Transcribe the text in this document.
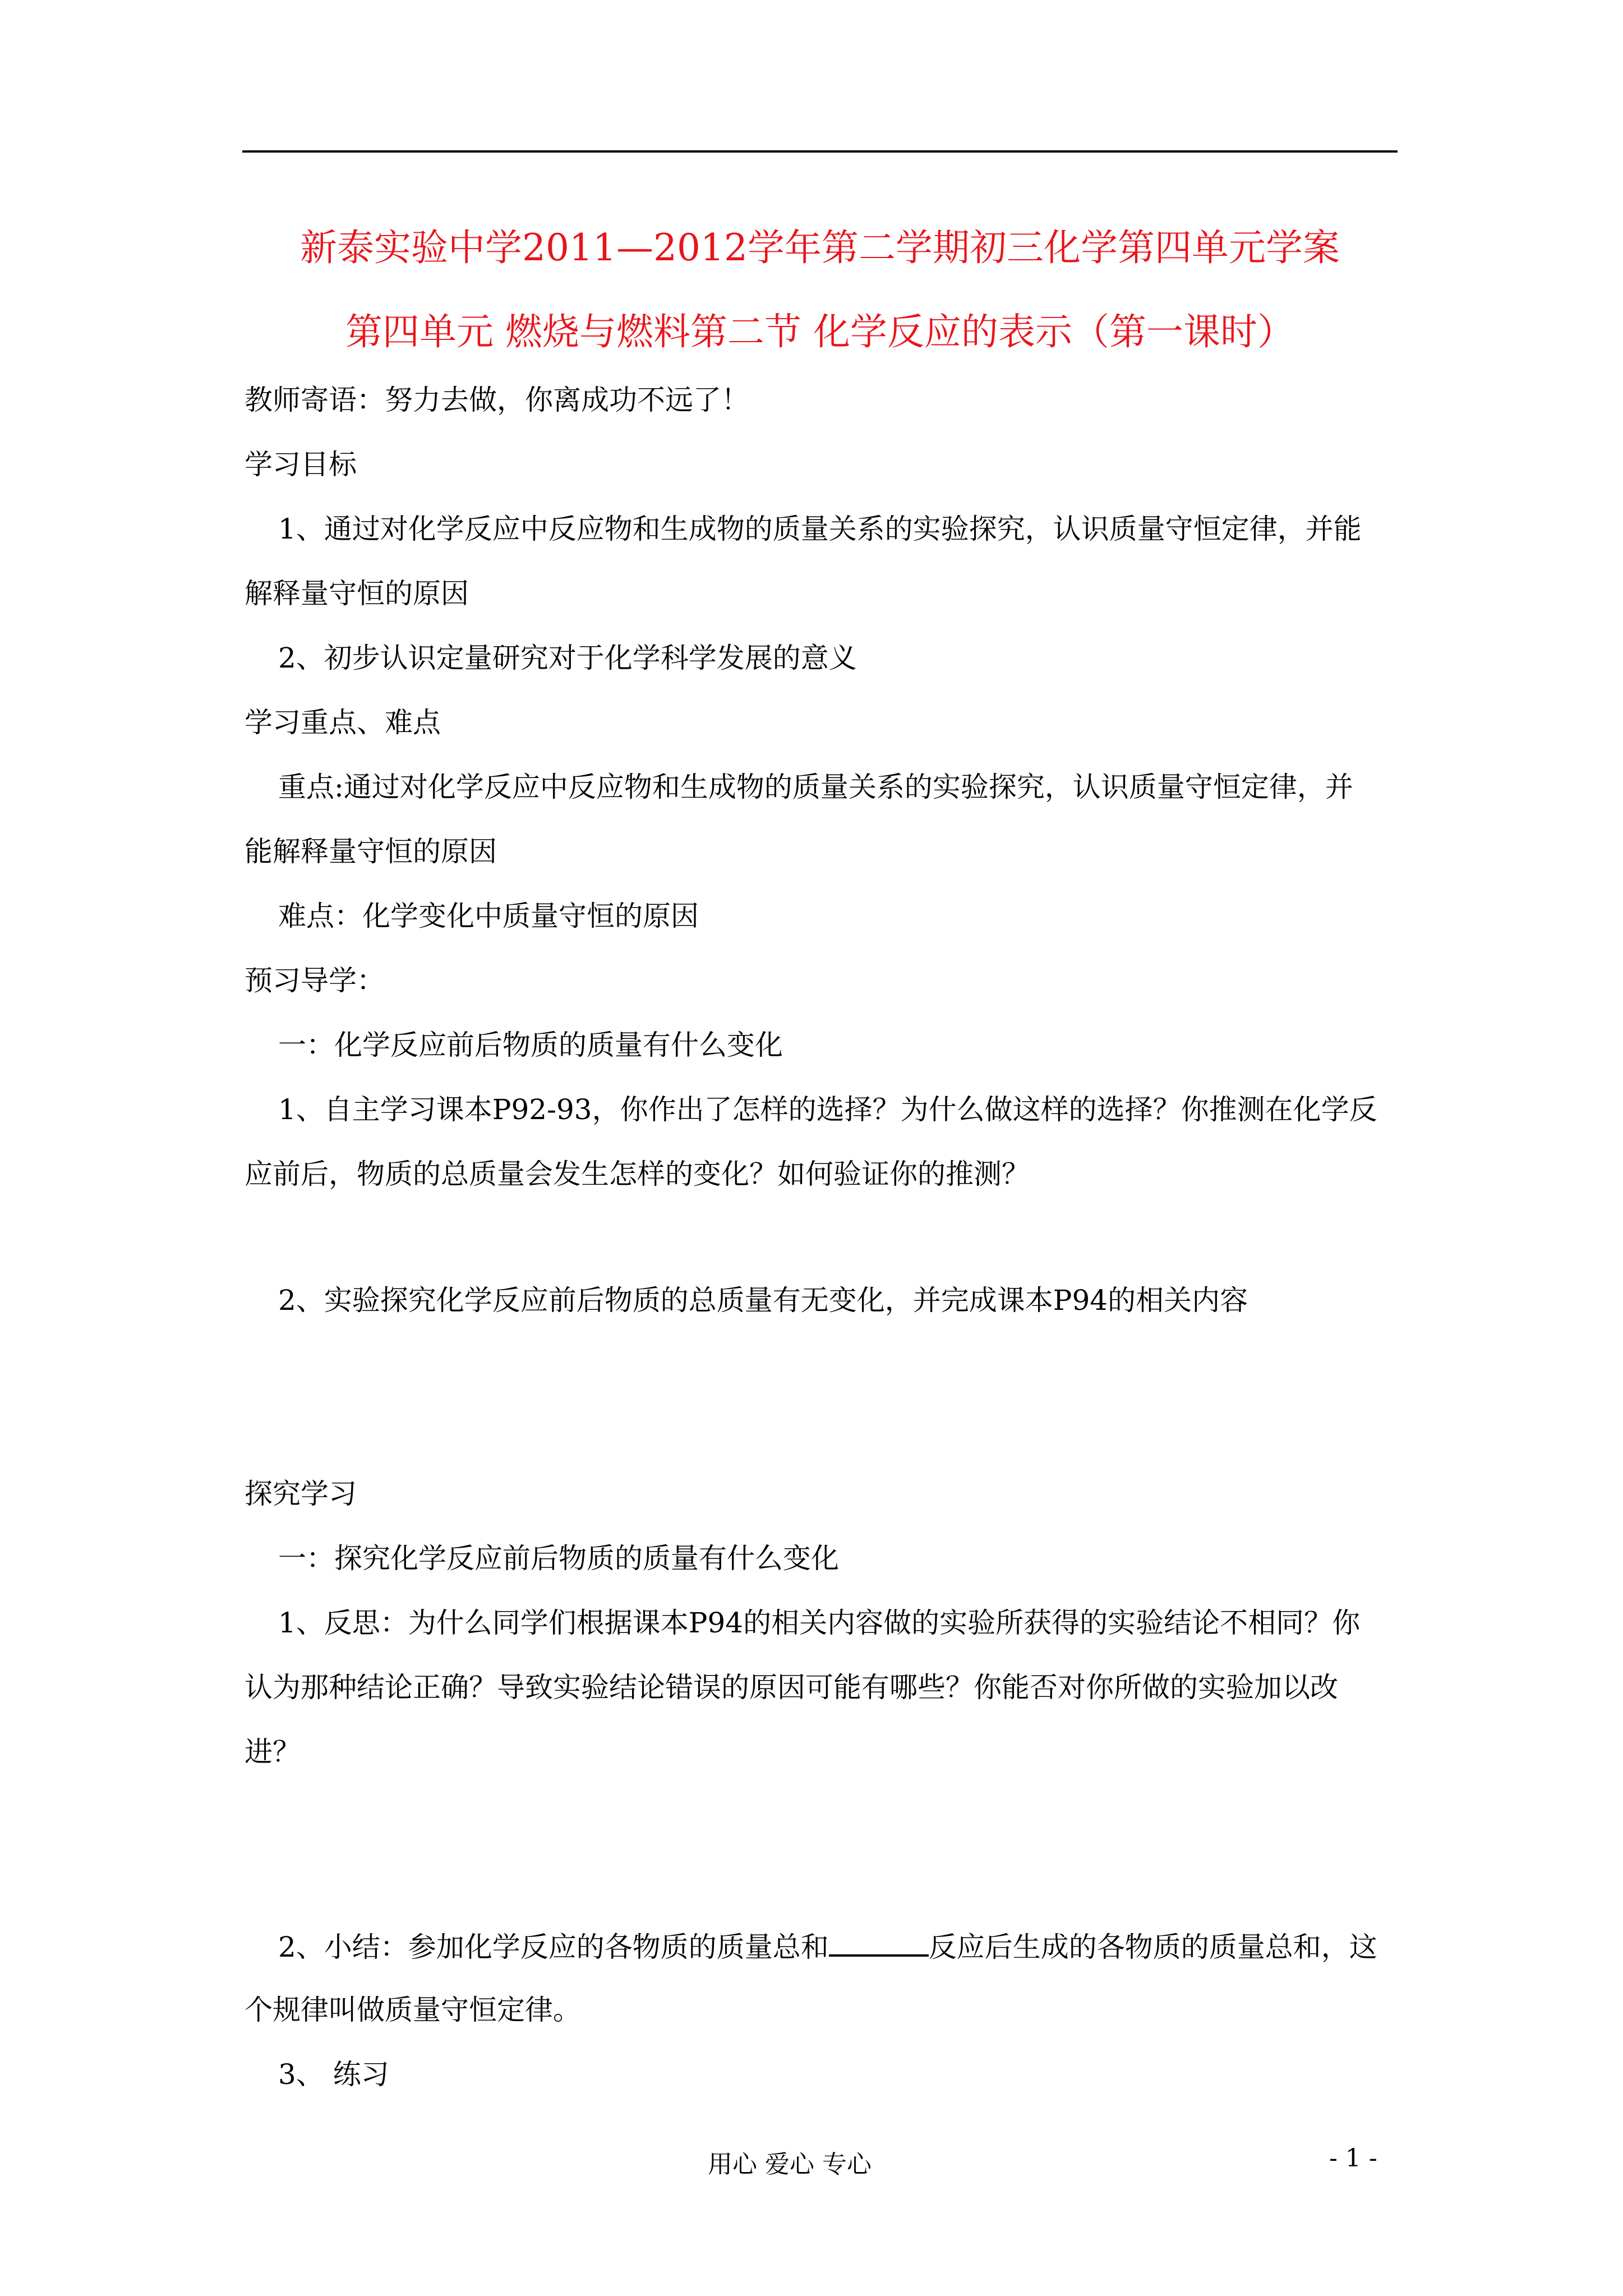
新泰实验中学2011—2012学年第二学期初三化学第四单元学案
第四单元 燃烧与燃料第二节 化学反应的表示（第一课时）
教师寄语：努力去做，你离成功不远了！
学习目标
1、通过对化学反应中反应物和生成物的质量关系的实验探究，认识质量守恒定律，并能
解释量守恒的原因
2、初步认识定量研究对于化学科学发展的意义
学习重点、难点
重点:通过对化学反应中反应物和生成物的质量关系的实验探究，认识质量守恒定律，并
能解释量守恒的原因
难点：化学变化中质量守恒的原因
预习导学：
一：化学反应前后物质的质量有什么变化
1、自主学习课本P92-93，你作出了怎样的选择？为什么做这样的选择？你推测在化学反
应前后，物质的总质量会发生怎样的变化？如何验证你的推测？
2、实验探究化学反应前后物质的总质量有无变化，并完成课本P94的相关内容
探究学习
一：探究化学反应前后物质的质量有什么变化
1、反思：为什么同学们根据课本P94的相关内容做的实验所获得的实验结论不相同？你
认为那种结论正确？导致实验结论错误的原因可能有哪些？你能否对你所做的实验加以改
进？
2、小结：参加化学反应的各物质的质量总和	反应后生成的各物质的质量总和，这
个规律叫做质量守恒定律。
3、 练习
用心 爱心 专心	- 1 -
